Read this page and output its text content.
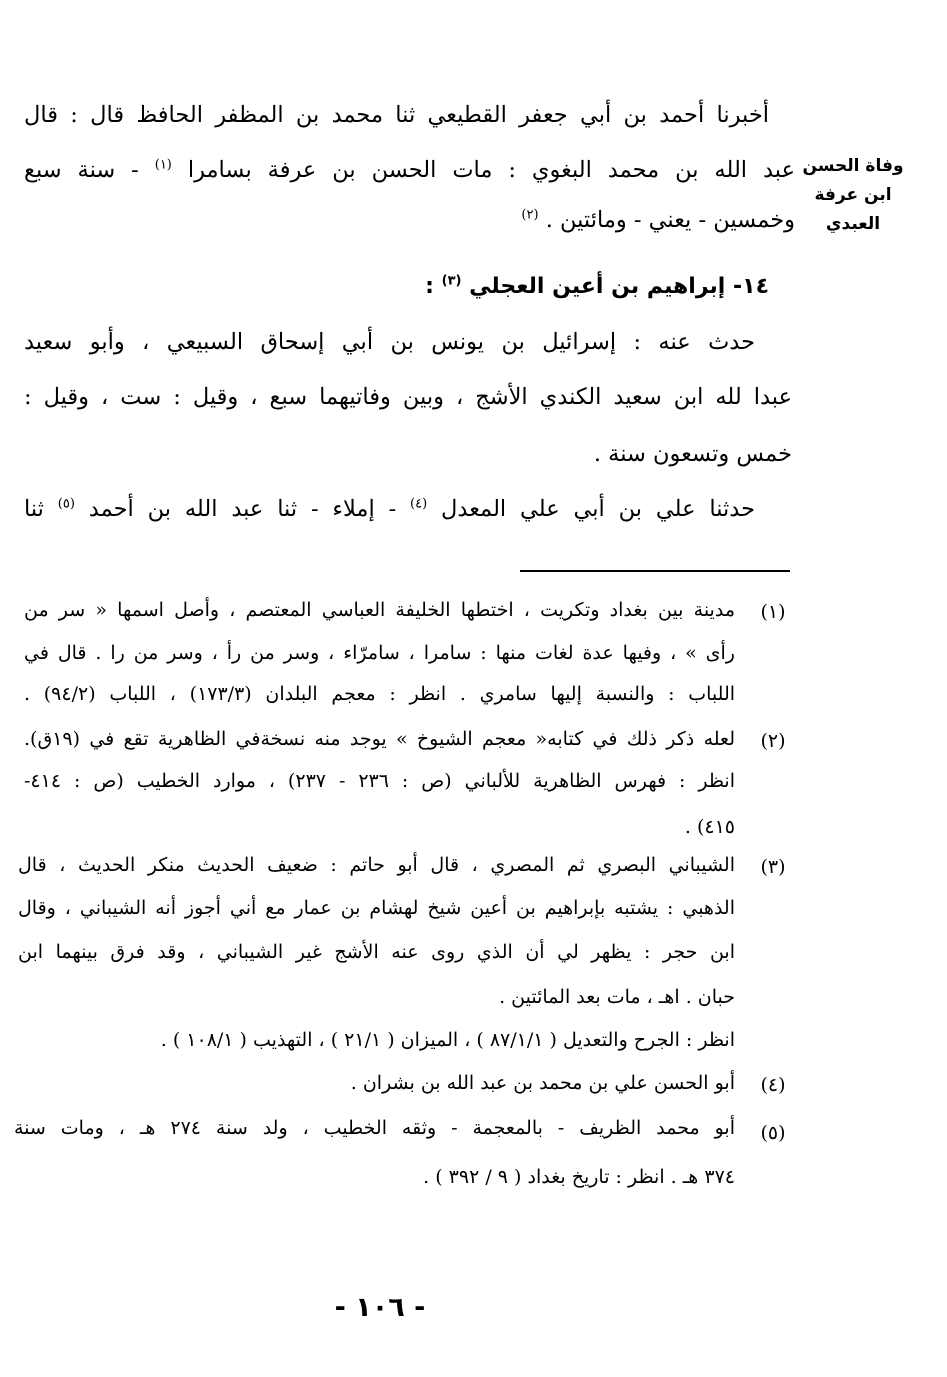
وفاة الحسن
ابن عرفة
العبدي
أخبرنا أحمد بن أبي جعفر القطيعي ثنا محمد بن المظفر الحافظ قال : قال
عبد الله بن محمد البغوي : مات الحسن بن عرفة بسامرا $^{(١)}$ - سنة سبع
وخمسين - يعني - ومائتين . $^{(٢)}$
١٤- إبراهيم بن أعين العجلي $^{(٣)}$ :
حدث عنه : إسرائيل بن يونس بن أبي إسحاق السبيعي ، وأبو سعيد
عبدا لله ابن سعيد الكندي الأشج ، وبين وفاتيهما سبع ، وقيل : ست ، وقيل :
خمس وتسعون سنة .
حدثنا علي بن أبي علي المعدل $^{(٤)}$ - إملاء - ثنا عبد الله بن أحمد $^{(٥)}$ ثنا
(١)
مدينة بين بغداد وتكريت ، اختطها الخليفة العباسي المعتصم ، وأصل اسمها « سر من
رأى » ، وفيها عدة لغات منها : سامرا ، سامرّاء ، وسر من رأ ، وسر من را . قال في
اللباب : والنسبة إليها سامري . انظر : معجم البلدان (١٧٣/٣) ، اللباب (٩٤/٢) .
(٢)
لعله ذكر ذلك في كتابه« معجم الشيوخ » يوجد منه نسخةفي الظاهرية تقع في (١٩ق).
انظر : فهرس الظاهرية للألباني (ص : ٢٣٦ - ٢٣٧) ، موارد الخطيب (ص : ٤١٤-
٤١٥) .
(٣)
الشيباني البصري ثم المصري ، قال أبو حاتم : ضعيف الحديث منكر الحديث ، قال
الذهبي : يشتبه بإبراهيم بن أعين شيخ لهشام بن عمار مع أني أجوز أنه الشيباني ، وقال
ابن حجر : يظهر لي أن الذي روى عنه الأشج غير الشيباني ، وقد فرق بينهما ابن
حبان . اهـ ، مات بعد المائتين .
انظر : الجرح والتعديل ( ٨٧/١/١ ) ، الميزان ( ٢١/١ ) ، التهذيب ( ١٠٨/١ ) .
(٤)
أبو الحسن علي بن محمد بن عبد الله بن بشران .
(٥)
أبو محمد الظريف - بالمعجمة - وثقه الخطيب ، ولد سنة ٢٧٤ هـ ، ومات سنة
٣٧٤ هـ . انظر : تاريخ بغداد ( ٩ / ٣٩٢ ) .
- ١٠٦ -
